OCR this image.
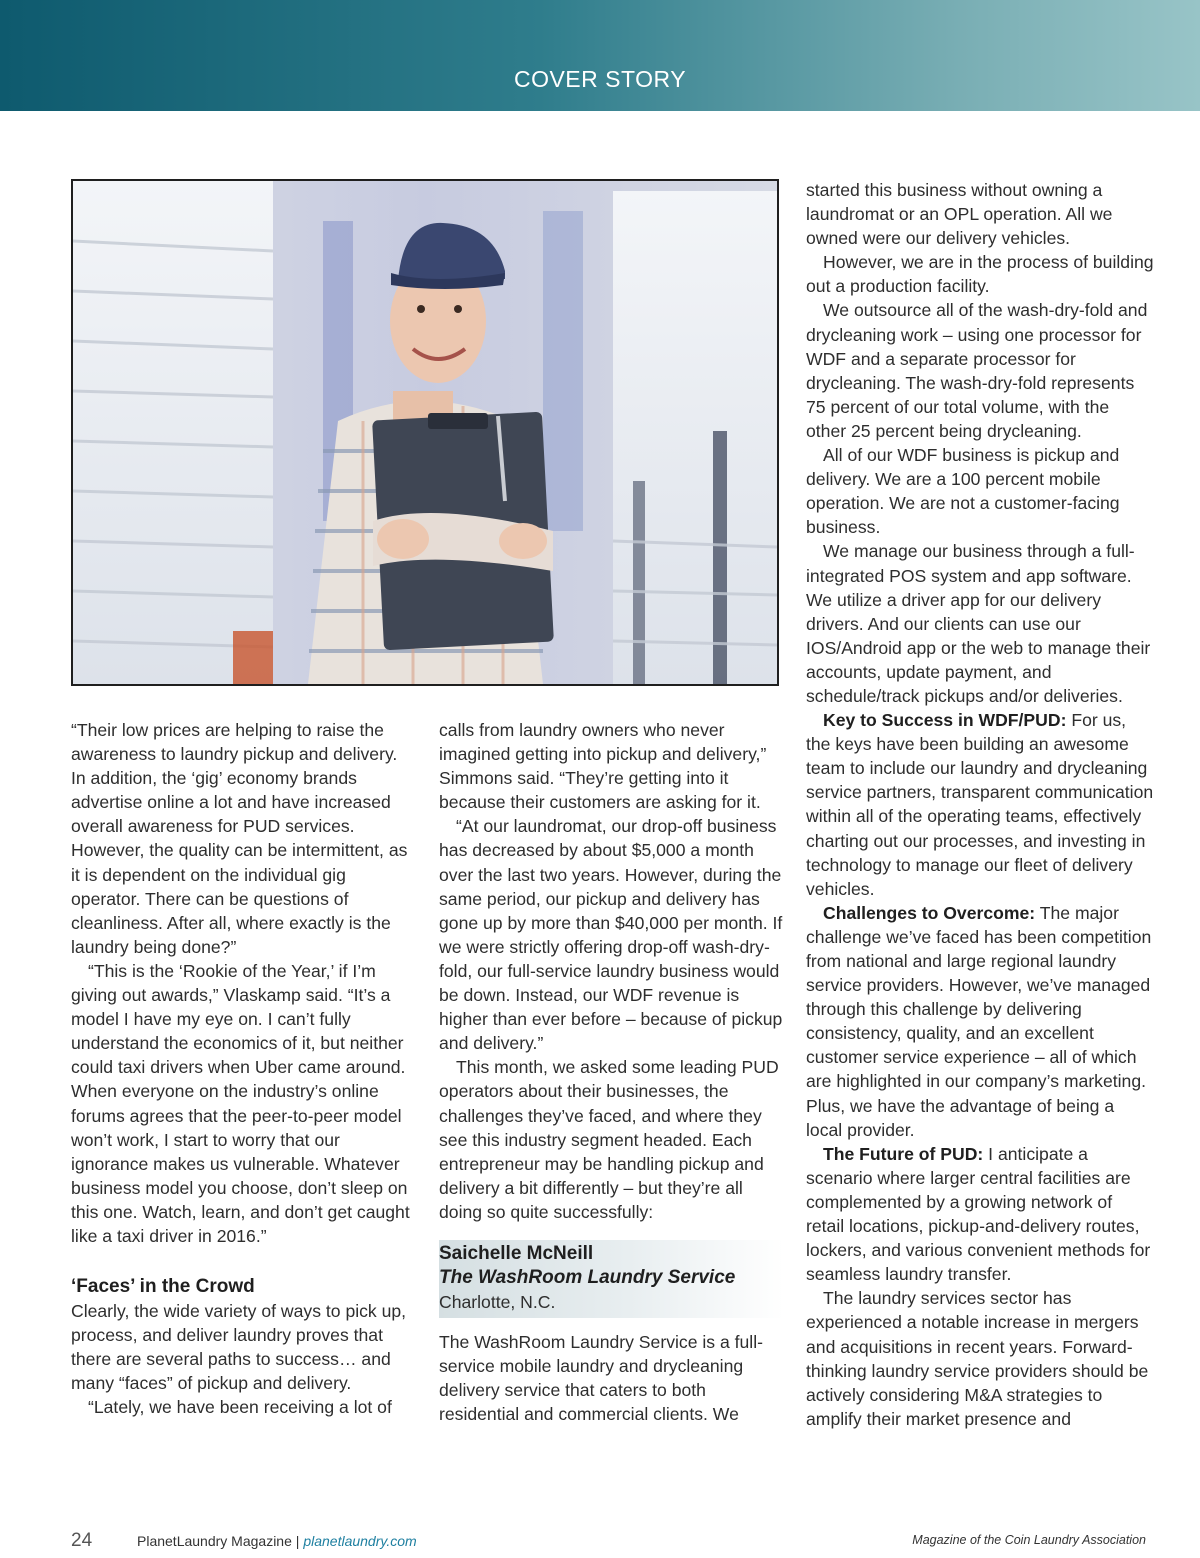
COVER STORY

“Their low prices are helping to raise the awareness to laundry pickup and delivery. In addition, the ‘gig’ economy brands advertise online a lot and have increased overall awareness for PUD services. However, the quality can be intermittent, as it is dependent on the individual gig operator. There can be questions of cleanliness. After all, where exactly is the laundry being done?”

“This is the ‘Rookie of the Year,’ if I’m giving out awards,” Vlaskamp said. “It’s a model I have my eye on. I can’t fully understand the economics of it, but neither could taxi drivers when Uber came around. When everyone on the industry’s online forums agrees that the peer-to-peer model won’t work, I start to worry that our ignorance makes us vulnerable. Whatever business model you choose, don’t sleep on this one. Watch, learn, and don’t get caught like a taxi driver in 2016.”

‘Faces’ in the Crowd

Clearly, the wide variety of ways to pick up, process, and deliver laundry proves that there are several paths to success… and many “faces” of pickup and delivery.

“Lately, we have been receiving a lot of

calls from laundry owners who never imagined getting into pickup and delivery,” Simmons said. “They’re getting into it because their customers are asking for it.

“At our laundromat, our drop-off business has decreased by about $5,000 a month over the last two years. However, during the same period, our pickup and delivery has gone up by more than $40,000 per month. If we were strictly offering drop-off wash-dry-fold, our full-service laundry business would be down. Instead, our WDF revenue is higher than ever before – because of pickup and delivery.”

This month, we asked some leading PUD operators about their businesses, the challenges they’ve faced, and where they see this industry segment headed. Each entrepreneur may be handling pickup and delivery a bit differently – but they’re all doing so quite successfully:

Saichelle McNeill
The WashRoom Laundry Service
Charlotte, N.C.

The WashRoom Laundry Service is a full-service mobile laundry and drycleaning delivery service that caters to both residential and commercial clients. We

started this business without owning a laundromat or an OPL operation. All we owned were our delivery vehicles.

However, we are in the process of building out a production facility.

We outsource all of the wash-dry-fold and drycleaning work – using one processor for WDF and a separate processor for drycleaning. The wash-dry-fold represents 75 percent of our total volume, with the other 25 percent being drycleaning.

All of our WDF business is pickup and delivery. We are a 100 percent mobile operation. We are not a customer-facing business.

We manage our business through a full-integrated POS system and app software. We utilize a driver app for our delivery drivers. And our clients can use our IOS/Android app or the web to manage their accounts, update payment, and schedule/track pickups and/or deliveries.

Key to Success in WDF/PUD: For us, the keys have been building an awesome team to include our laundry and drycleaning service partners, transparent communication within all of the operating teams, effectively charting out our processes, and investing in technology to manage our fleet of delivery vehicles.

Challenges to Overcome: The major challenge we’ve faced has been competition from national and large regional laundry service providers. However, we’ve managed through this challenge by delivering consistency, quality, and an excellent customer service experience – all of which are highlighted in our company’s marketing. Plus, we have the advantage of being a local provider.

The Future of PUD: I anticipate a scenario where larger central facilities are complemented by a growing network of retail locations, pickup-and-delivery routes, lockers, and various convenient methods for seamless laundry transfer.

The laundry services sector has experienced a notable increase in mergers and acquisitions in recent years. Forward-thinking laundry service providers should be actively considering M&A strategies to amplify their market presence and

24	PlanetLaundry Magazine | planetlaundry.com	Magazine of the Coin Laundry Association
